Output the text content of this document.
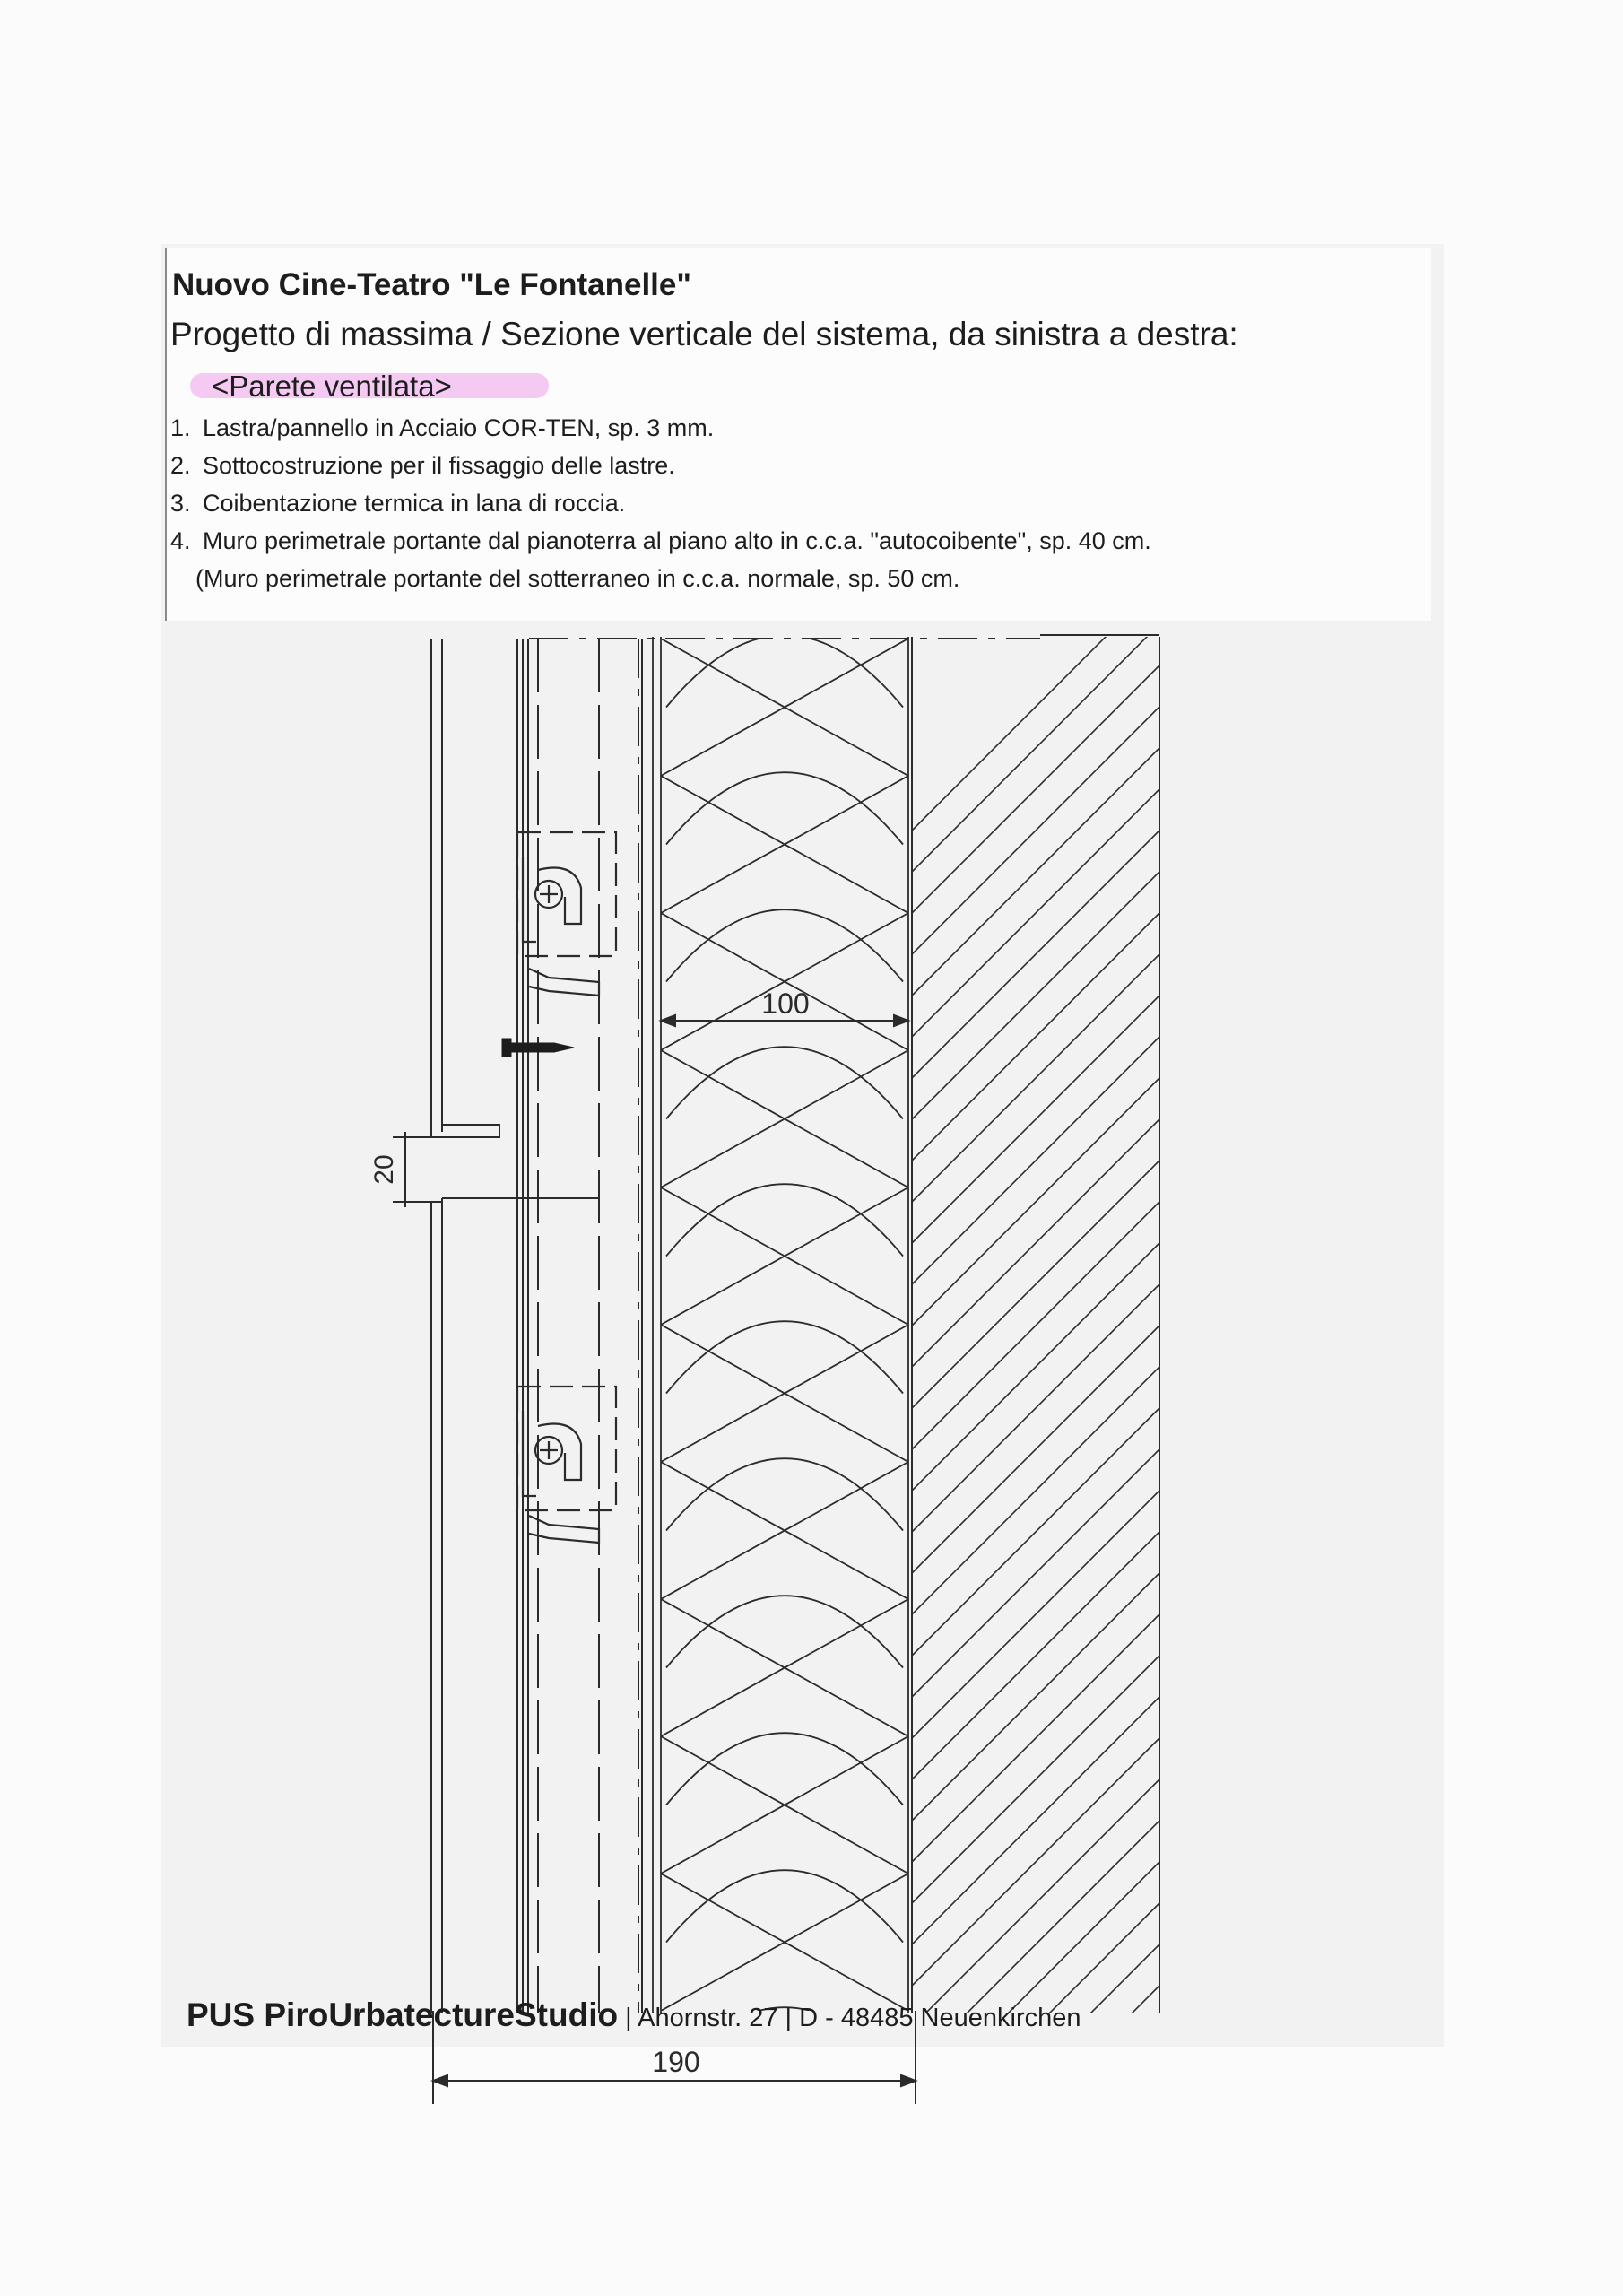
Nuovo Cine-Teatro "Le Fontanelle"
Progetto di massima / Sezione verticale del sistema, da sinistra a destra:
<Parete ventilata>
1. Lastra/pannello in Acciaio COR-TEN, sp. 3 mm.
2. Sottocostruzione per il fissaggio delle lastre.
3. Coibentazione termica in lana di roccia.
4. Muro perimetrale portante dal pianoterra al piano alto in c.c.a. "autocoibente", sp. 40 cm.
(Muro perimetrale portante del sotterraneo in c.c.a. normale, sp. 50 cm.
100
20
190
PUS PiroUrbatectureStudio | Ahornstr. 27 | D - 48485 Neuenkirchen
